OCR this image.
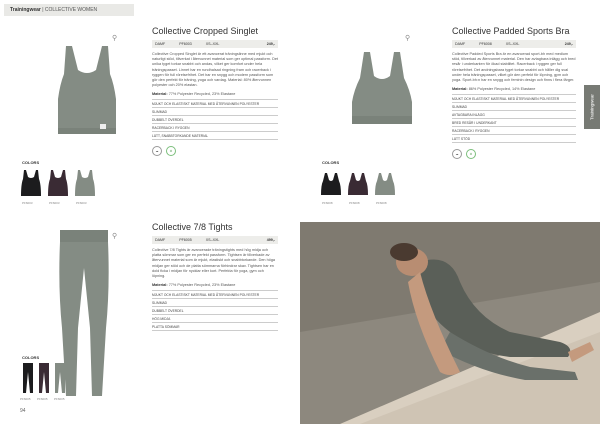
Trainingwear | COLLECTIVE WOMEN
Trainingwear
⚲
COLORS
PF6003	PF6003	PF6003
Collective Cropped Singlet
DAMF	PF6003	XS–XXL	249,-

Collective Cropped Singlet är ett avancerat träningslinne med mjukt och naturligt stöd, tillverkat i återvunnet material som ger optimal passform. Det unika tyget torkar snabbt och andas, vilket ger komfort under hela träningspasset. Linnet har en rundhalsad ringning fram och racerback i ryggen för full rörelsefrihet. Det har en snygg och modern passform som gör den perfekt för träning, yoga och vardag. Material: 80% återvunnen polyester och 20% elastan.

Material: 77% Polyester Recycled, 23% Elastane

MJUKT OCH ELASTISKT MATERIAL MED ÅTERVUNNEN POLYESTER
SLIMMAD
DUBBELT ÖVERDEL
RACERBACK I RYGGEN
LÄTT, SNABBTORKANDE MATERIAL
☁	♻
⚲
COLORS
PF6008	PF6008	PF6008
Collective Padded Sports Bra
DAMF	PF6008	XS–XXL	249,-

Collective Padded Sports Bra är en avancerad sport-bh med medium stöd, tillverkad av återvunnet material. Den har avtagbara inlägg och bred resår i underkanten för ökad stabilitet. Racerback i ryggen ger full rörelsefrihet. Det andningsbara tyget torkar snabbt och håller dig sval under hela träningspasset, vilket gör den perfekt för löpning, gym och yoga. Sport-bh:n har en snygg och feminin design och finns i flera färger.

Material: 86% Polyester Recycled, 14% Elastane

MJUKT OCH ELASTISKT MATERIAL MED ÅTERVUNNEN POLYESTER
SLIMMAD
AVTAGBARA INLÄGG
BRED RESÅR I UNDERKANT
RACERBACK I RYGGEN
LÄTT STÖD
☁	♻
⚲
COLORS
PF6005 PF6005 PF6005
94
Collective 7/8 Tights
DAMF	PF6005	XS–XXL	499,-

Collective 7/8 Tights är avancerade träningstights med hög midja och platta sömmar som ger en perfekt passform. Tightsen är tillverkade av återvunnet material som är mjukt, elastiskt och snabbtorkande. Den höga midjan ger stöd och de platta sömmarna förhindrar skav. Tightsen har en dold ficka i midjan för nycklar eller kort. Perfekta för yoga, gym och löpning.

Material: 77% Polyester Recycled, 23% Elastane

MJUKT OCH ELASTISKT MATERIAL MED ÅTERVUNNEN POLYESTER
SLIMMAD
DUBBELT ÖVERDEL
HÖG MIDJA
PLATTA SÖMMAR
